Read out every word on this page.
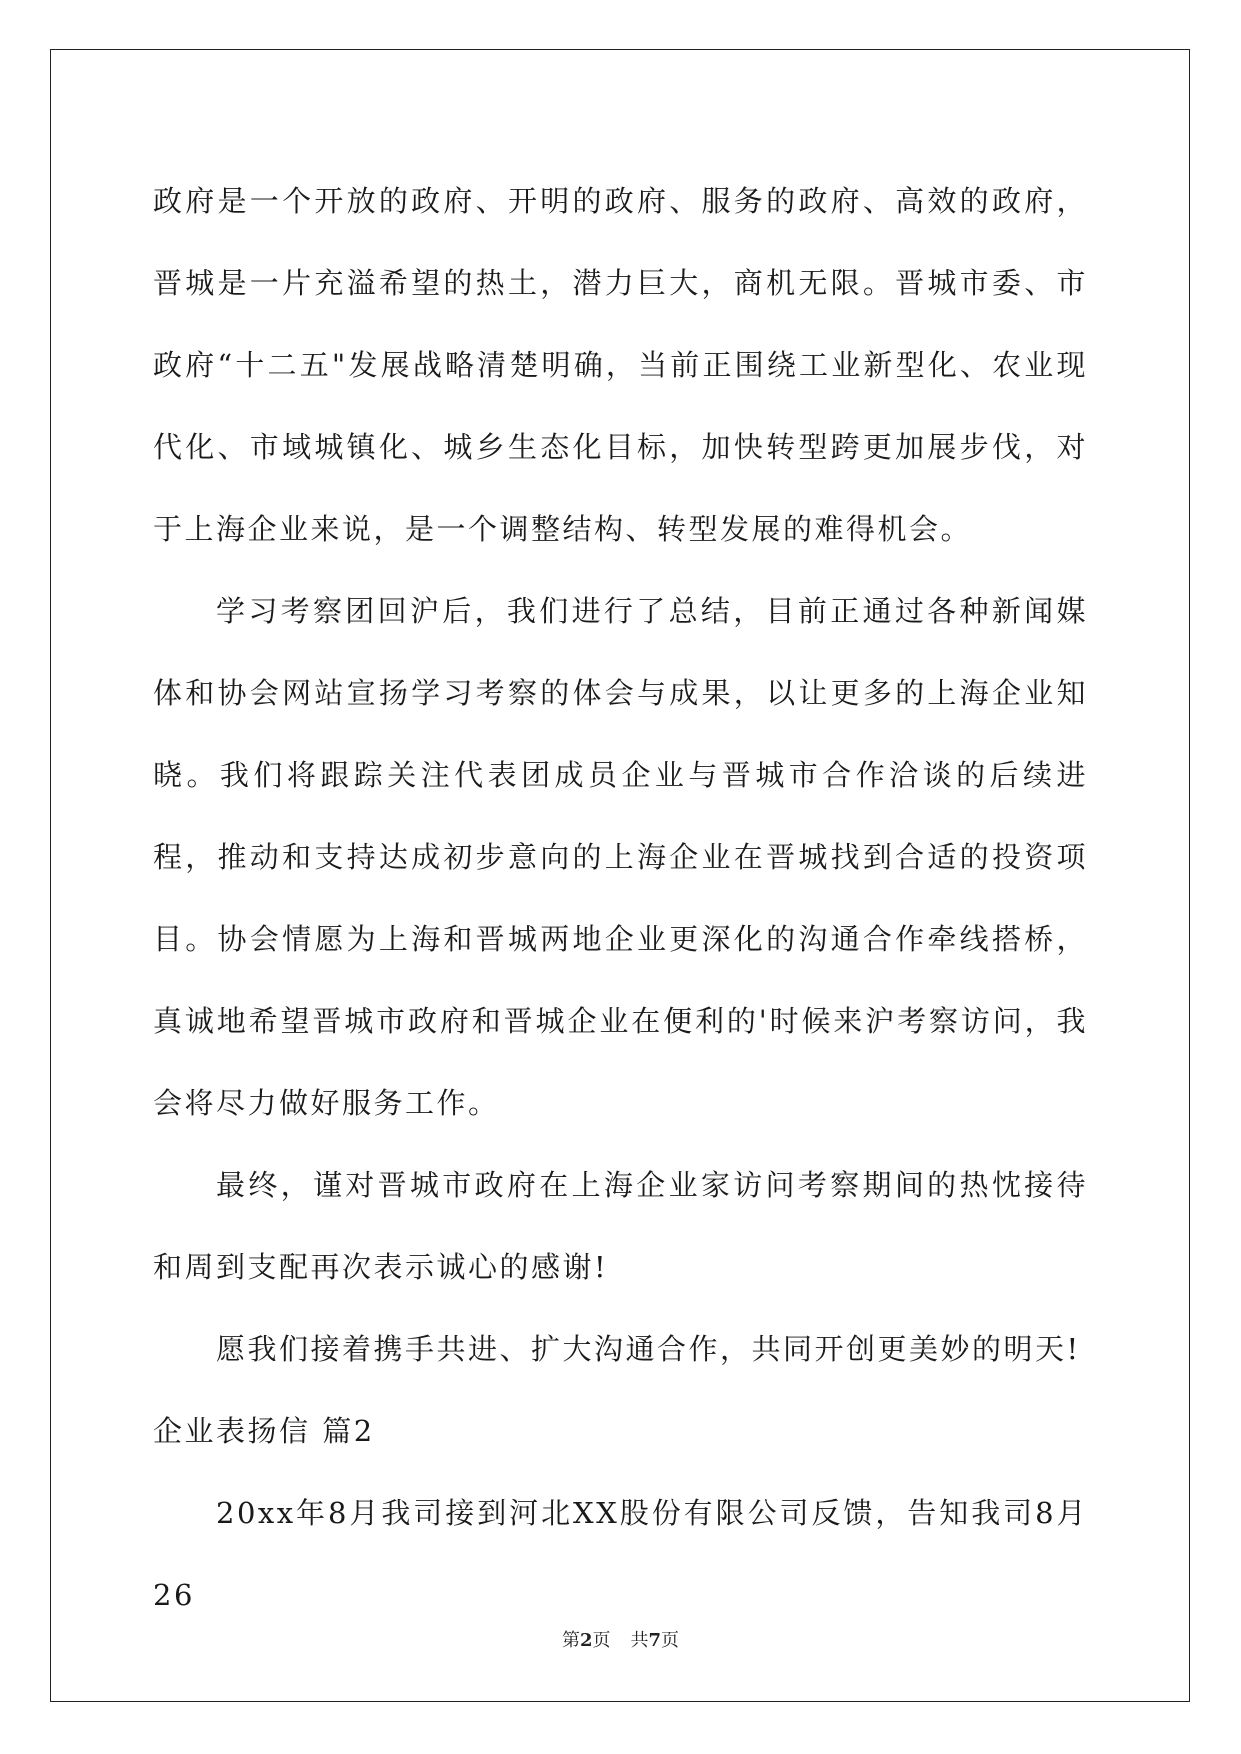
政府是一个开放的政府、开明的政府、服务的政府、高效的政府，晋城是一片充溢希望的热土，潜力巨大，商机无限。晋城市委、市政府“十二五"发展战略清楚明确，当前正围绕工业新型化、农业现代化、市域城镇化、城乡生态化目标，加快转型跨更加展步伐，对于上海企业来说，是一个调整结构、转型发展的难得机会。

学习考察团回沪后，我们进行了总结，目前正通过各种新闻媒体和协会网站宣扬学习考察的体会与成果，以让更多的上海企业知晓。我们将跟踪关注代表团成员企业与晋城市合作洽谈的后续进程，推动和支持达成初步意向的上海企业在晋城找到合适的投资项目。协会情愿为上海和晋城两地企业更深化的沟通合作牵线搭桥，真诚地希望晋城市政府和晋城企业在便利的'时候来沪考察访问，我会将尽力做好服务工作。

最终，谨对晋城市政府在上海企业家访问考察期间的热忱接待和周到支配再次表示诚心的感谢!

愿我们接着携手共进、扩大沟通合作，共同开创更美妙的明天!

企业表扬信 篇2

20xx年8月我司接到河北XX股份有限公司反馈，告知我司8月26

第2页 共7页
